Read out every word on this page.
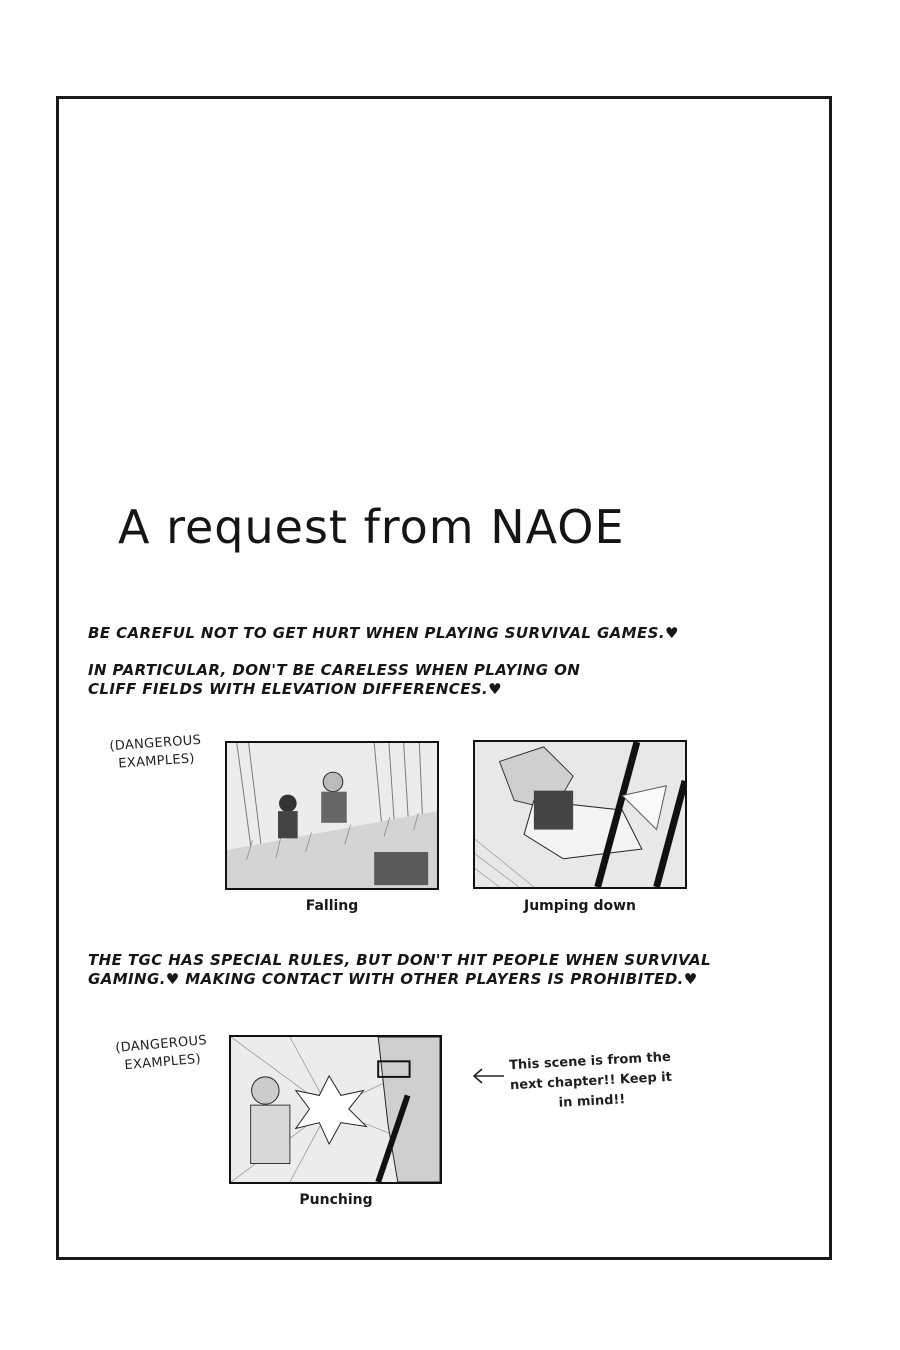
A request from NAOE

BE CAREFUL NOT TO GET HURT WHEN PLAYING SURVIVAL GAMES.♥

IN PARTICULAR, DON'T BE CARELESS WHEN PLAYING ON CLIFF FIELDS WITH ELEVATION DIFFERENCES.♥

(DANGEROUS EXAMPLES)

Falling	Jumping down

THE TGC HAS SPECIAL RULES, BUT DON'T HIT PEOPLE WHEN SURVIVAL GAMING.♥ MAKING CONTACT WITH OTHER PLAYERS IS PROHIBITED.♥

(DANGEROUS EXAMPLES)

Punching

This scene is from the next chapter!! Keep it in mind!!
